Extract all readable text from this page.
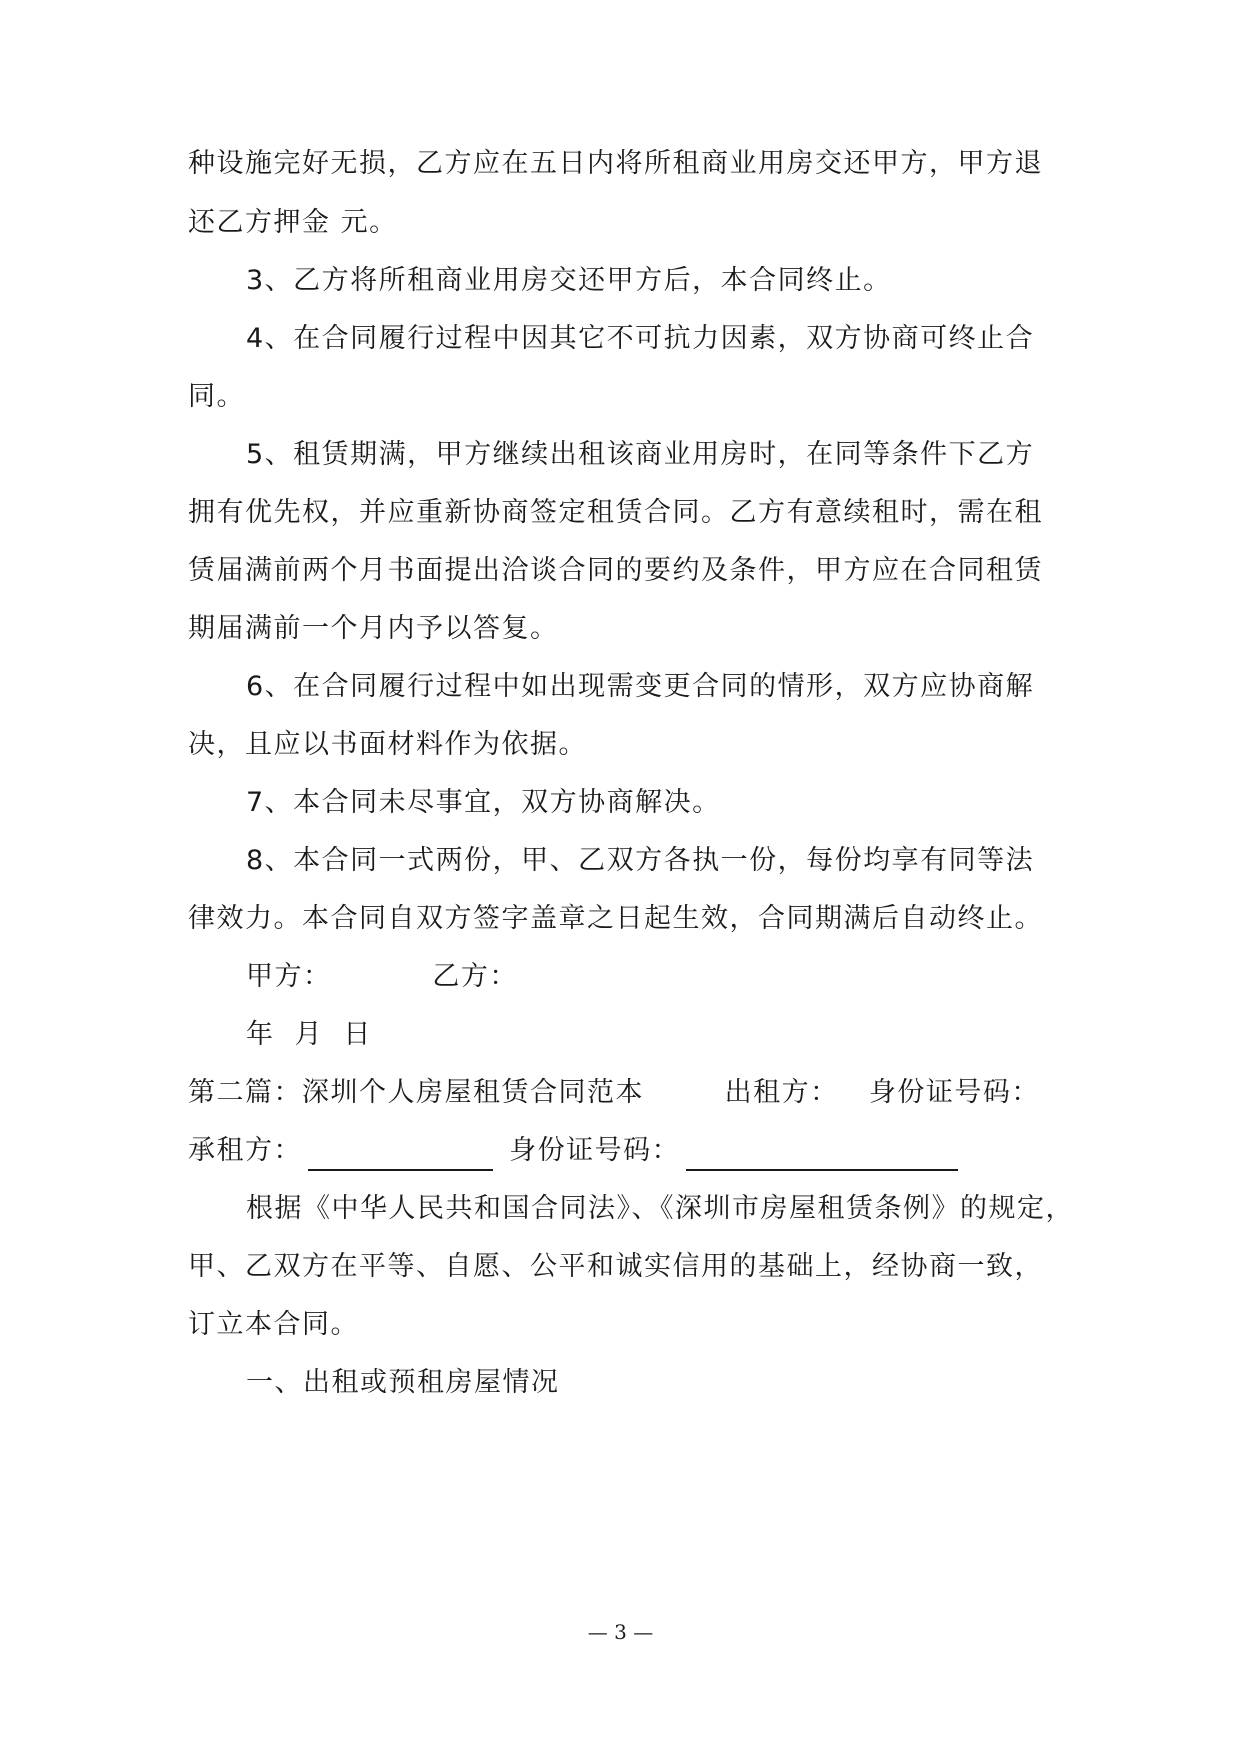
种设施完好无损，乙方应在五日内将所租商业用房交还甲方，甲方退
还乙方押金 元。
3、乙方将所租商业用房交还甲方后，本合同终止。
4、在合同履行过程中因其它不可抗力因素，双方协商可终止合
同。
5、租赁期满，甲方继续出租该商业用房时，在同等条件下乙方
拥有优先权，并应重新协商签定租赁合同。乙方有意续租时，需在租
赁届满前两个月书面提出洽谈合同的要约及条件，甲方应在合同租赁
期届满前一个月内予以答复。
6、在合同履行过程中如出现需变更合同的情形，双方应协商解
决，且应以书面材料作为依据。
7、本合同未尽事宜，双方协商解决。
8、本合同一式两份，甲、乙双方各执一份，每份均享有同等法
律效力。本合同自双方签字盖章之日起生效，合同期满后自动终止。
甲方：          乙方：
年  月  日
第二篇：深圳个人房屋租赁合同范本        出租方：   身份证号码：
承租方：	身份证号码：
根据《中华人民共和国合同法》、《深圳市房屋租赁条例》的规定，
甲、乙双方在平等、自愿、公平和诚实信用的基础上，经协商一致，
订立本合同。
一、出租或预租房屋情况
— 3 —
